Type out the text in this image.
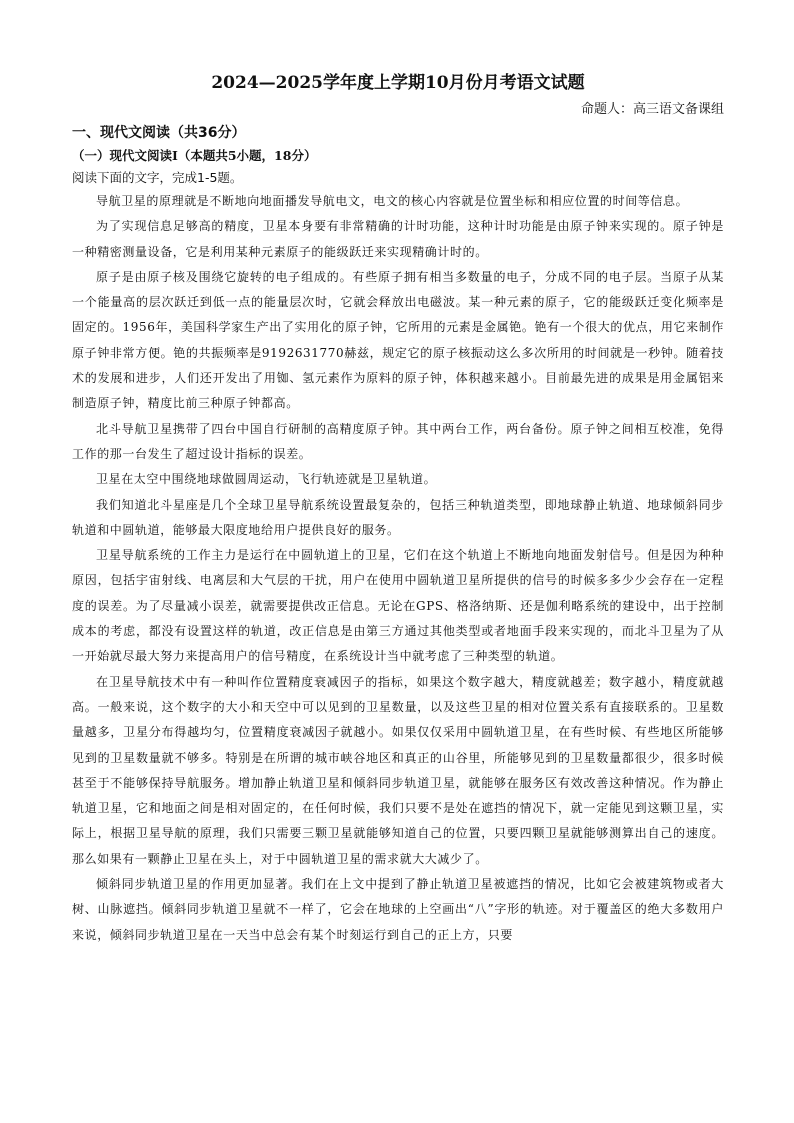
2024—2025学年度上学期10月份月考语文试题
命题人：高三语文备课组
一、现代文阅读（共36分）
（一）现代文阅读Ⅰ（本题共5小题，18分）
阅读下面的文字，完成1-5题。

导航卫星的原理就是不断地向地面播发导航电文，电文的核心内容就是位置坐标和相应位置的时间等信息。

为了实现信息足够高的精度，卫星本身要有非常精确的计时功能，这种计时功能是由原子钟来实现的。原子钟是一种精密测量设备，它是利用某种元素原子的能级跃迁来实现精确计时的。

原子是由原子核及围绕它旋转的电子组成的。有些原子拥有相当多数量的电子，分成不同的电子层。当原子从某一个能量高的层次跃迁到低一点的能量层次时，它就会释放出电磁波。某一种元素的原子，它的能级跃迁变化频率是固定的。1956年，美国科学家生产出了实用化的原子钟，它所用的元素是金属铯。铯有一个很大的优点，用它来制作原子钟非常方便。铯的共振频率是9192631770赫兹，规定它的原子核振动这么多次所用的时间就是一秒钟。随着技术的发展和进步，人们还开发出了用铷、氢元素作为原料的原子钟，体积越来越小。目前最先进的成果是用金属铝来制造原子钟，精度比前三种原子钟都高。

北斗导航卫星携带了四台中国自行研制的高精度原子钟。其中两台工作，两台备份。原子钟之间相互校准，免得工作的那一台发生了超过设计指标的误差。

卫星在太空中围绕地球做圆周运动，飞行轨迹就是卫星轨道。

我们知道北斗星座是几个全球卫星导航系统设置最复杂的，包括三种轨道类型，即地球静止轨道、地球倾斜同步轨道和中圆轨道，能够最大限度地给用户提供良好的服务。

卫星导航系统的工作主力是运行在中圆轨道上的卫星，它们在这个轨道上不断地向地面发射信号。但是因为种种原因，包括宇宙射线、电离层和大气层的干扰，用户在使用中圆轨道卫星所提供的信号的时候多多少少会存在一定程度的误差。为了尽量减小误差，就需要提供改正信息。无论在GPS、格洛纳斯、还是伽利略系统的建设中，出于控制成本的考虑，都没有设置这样的轨道，改正信息是由第三方通过其他类型或者地面手段来实现的，而北斗卫星为了从一开始就尽最大努力来提高用户的信号精度，在系统设计当中就考虑了三种类型的轨道。

在卫星导航技术中有一种叫作位置精度衰减因子的指标，如果这个数字越大，精度就越差；数字越小，精度就越高。一般来说，这个数字的大小和天空中可以见到的卫星数量，以及这些卫星的相对位置关系有直接联系的。卫星数量越多，卫星分布得越均匀，位置精度衰减因子就越小。如果仅仅采用中圆轨道卫星，在有些时候、有些地区所能够见到的卫星数量就不够多。特别是在所谓的城市峡谷地区和真正的山谷里，所能够见到的卫星数量都很少，很多时候甚至于不能够保持导航服务。增加静止轨道卫星和倾斜同步轨道卫星，就能够在服务区有效改善这种情况。作为静止轨道卫星，它和地面之间是相对固定的，在任何时候，我们只要不是处在遮挡的情况下，就一定能见到这颗卫星，实际上，根据卫星导航的原理，我们只需要三颗卫星就能够知道自己的位置，只要四颗卫星就能够测算出自己的速度。那么如果有一颗静止卫星在头上，对于中圆轨道卫星的需求就大大减少了。

倾斜同步轨道卫星的作用更加显著。我们在上文中提到了静止轨道卫星被遮挡的情况，比如它会被建筑物或者大树、山脉遮挡。倾斜同步轨道卫星就不一样了，它会在地球的上空画出“八”字形的轨迹。对于覆盖区的绝大多数用户来说，倾斜同步轨道卫星在一天当中总会有某个时刻运行到自己的正上方，只要
